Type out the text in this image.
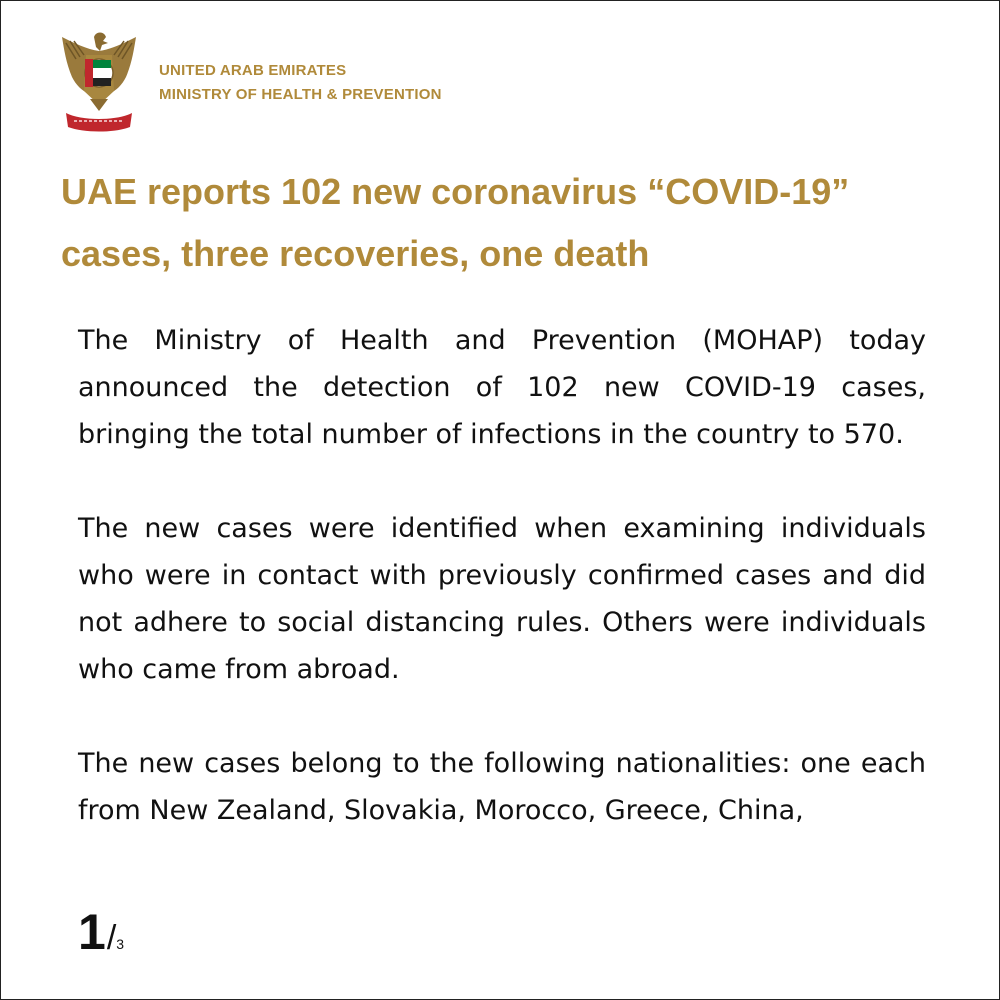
UNITED ARAB EMIRATES
MINISTRY OF HEALTH & PREVENTION
UAE reports 102 new coronavirus “COVID-19”
cases, three recoveries, one death

The Ministry of Health and Prevention (MOHAP) today announced the detection of 102 new COVID-19 cases, bringing the total number of infections in the country to 570.

The new cases were identified when examining individuals who were in contact with previously confirmed cases and did not adhere to social distancing rules. Others were individuals who came from abroad.

The new cases belong to the following nationalities: one each from New Zealand, Slovakia, Morocco, Greece, China,

1/3
